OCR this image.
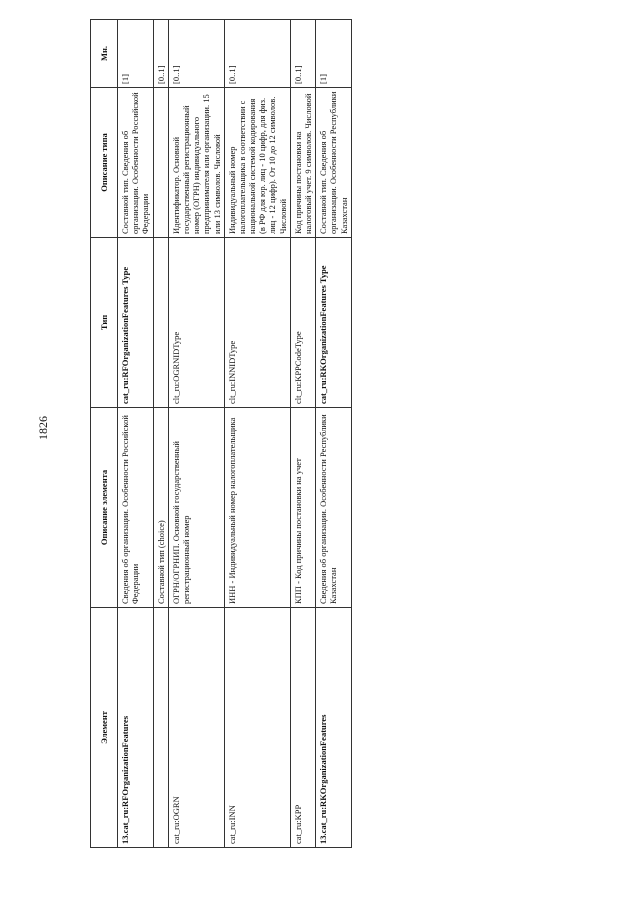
1826
Элемент	Описание элемента	Тип	Описание типа	Мн.
13.cat_ru:RFOrganizationFeatures	Сведения об организации. Особенности Российской Федерации	cat_ru:RFOrganizationFeatures Type	Составной тип. Сведения об организации. Особенности Российской Федерации	[1]
	Составной тип (choice)			[0..1]
cat_ru:OGRN	ОГРН/ОГРНИП. Основной государственный регистрационный номер	clt_ru:OGRNIDType	Идентификатор. Основной государственный регистрационный номер (ОГРН) индивидуального предпринимателя или организации. 15 или 13 символов. Числовой	[0..1]
cat_ru:INN	ИНН - Индивидуальный номер налогоплательщика	clt_ru:INNIDType	Индивидуальный номер налогоплательщика в соответствии с национальной системой кодирования (в РФ для юр. лиц - 10 цифр, для физ. лиц - 12 цифр). От 10 до 12 символов. Числовой	[0..1]
cat_ru:KPP	КПП - Код причины постановки на учет	clt_ru:KPPCodeType	Код причины постановки на налоговый учет. 9 символов. Числовой	[0..1]
13.cat_ru:RKOrganizationFeatures	Сведения об организации. Особенности Республики Казахстан	cat_ru:RKOrganizationFeatures Type	Составной тип. Сведения об организации. Особенности Республики Казахстан	[1]
